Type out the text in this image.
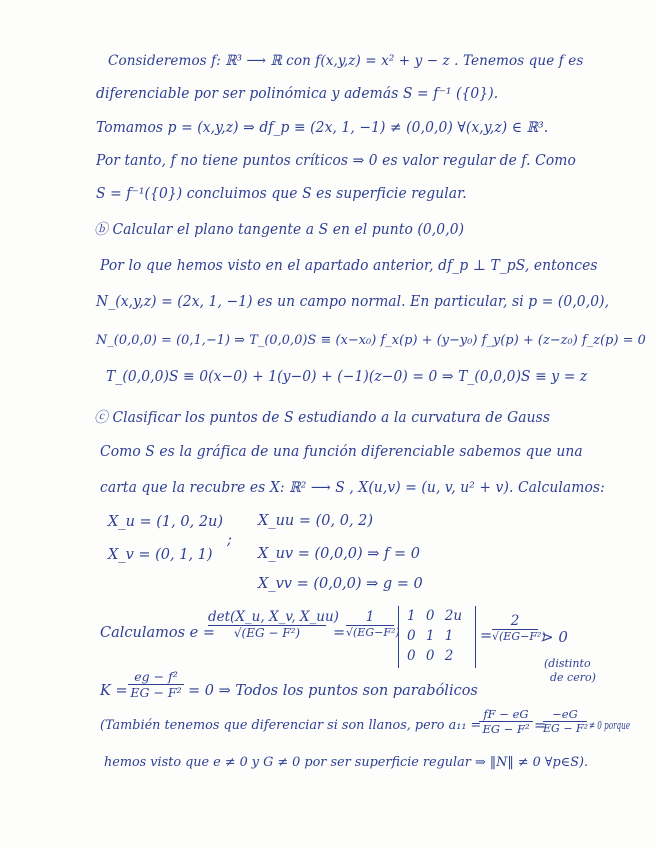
Consideremos f: ℝ³ ⟶ ℝ con f(x,y,z) = x² + y − z . Tenemos que f es
diferenciable por ser polinómica y además S = f⁻¹ ({0}).
Tomamos p = (x,y,z) ⇒ df_p ≡ (2x, 1, −1) ≠ (0,0,0) ∀(x,y,z) ∈ ℝ³.
Por tanto, f no tiene puntos críticos ⇒ 0 es valor regular de f. Como
S = f⁻¹({0}) concluimos que S es superficie regular.
ⓑ Calcular el plano tangente a S en el punto (0,0,0)
Por lo que hemos visto en el apartado anterior, df_p ⊥ T_pS, entonces
N_(x,y,z) = (2x, 1, −1) es un campo normal. En particular, si p = (0,0,0),
N_(0,0,0) = (0,1,−1) ⇒ T_(0,0,0)S ≡ (x−x₀) f_x(p) + (y−y₀) f_y(p) + (z−z₀) f_z(p) = 0
T_(0,0,0)S ≡ 0(x−0) + 1(y−0) + (−1)(z−0) = 0 ⇒ T_(0,0,0)S ≡ y = z
ⓒ Clasificar los puntos de S estudiando a la curvatura de Gauss
Como S es la gráfica de una función diferenciable sabemos que una
carta que la recubre es X: ℝ² ⟶ S , X(u,v) = (u, v, u² + v). Calculamos:
X_u = (1, 0, 2u)
X_v = (0, 1, 1)
;
X_uu = (0, 0, 2)
X_uv = (0,0,0) ⇒ f = 0
X_vv = (0,0,0) ⇒ g = 0
Calculamos e =
det(X_u, X_v, X_uu)
√(EG − F²)	=
1
√(EG−F²)
1 0 2u
0 1 1
0 0 2
=
2
√(EG−F²)
> 0
(distinto
de cero)
K =
eg − f²
EG − F² = 0 ⇒ Todos los puntos son parabólicos
(También tenemos que diferenciar si son llanos, pero a₁₁ =
fF − eG
EG − F² =
−eG
EG − F² ≠ 0 porque
hemos visto que e ≠ 0 y G ≠ 0 por ser superficie regular ⇒ ‖N‖ ≠ 0 ∀p∈S).
